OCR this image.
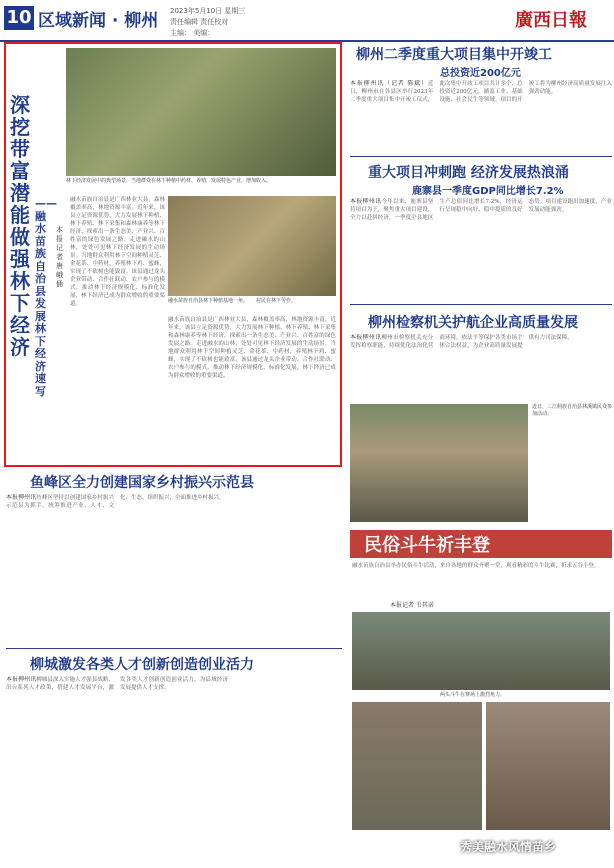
10 区域新闻 · 柳州 2023年5月10日 星期三
责任编辑 责任校对
主编： 美编：
廣西日報
林下经济发展中的典型场景，当地群众在林下种植中药材、养殖，发展特色产业，增加收入。
深挖带富潜能 做强林下经济
——融水苗族自治县发展林下经济速写
本报记者 唐峨俑
融水苗族自治县是广西林业大县，森林覆盖率高，林地资源丰富。近年来，该县立足资源优势，大力发展林下种植、林下养殖、林下采集和森林康养等林下经济，探索出一条生态美、产业兴、百姓富的绿色发展之路。走进融水的山林，处处可见林下经济发展的生动场景。当地群众利用林下空间种植灵芝、金花茶、中药材，养殖林下鸡、蜜蜂，实现了不砍树也能致富。该县通过龙头企业带动、合作社联动、农户参与的模式，推动林下经济规模化、标准化发展，林下经济已成为群众增收的重要渠道。	融水苗族自治县林下种植基地一角。 村民在林下劳作。
融水苗族自治县是广西林业大县，森林覆盖率高，林地资源丰富。近年来，该县立足资源优势，大力发展林下种植、林下养殖、林下采集和森林康养等林下经济，探索出一条生态美、产业兴、百姓富的绿色发展之路。走进融水的山林，处处可见林下经济发展的生动场景。当地群众利用林下空间种植灵芝、金花茶、中药材，养殖林下鸡、蜜蜂，实现了不砍树也能致富。该县通过龙头企业带动、合作社联动、农户参与的模式，推动林下经济规模化、标准化发展，林下经济已成为群众增收的重要渠道。
柳州二季度重大项目集中开竣工
总投资近200亿元
本报柳州讯（记者 陈斌）近日，柳州市在各县区举行2023年二季度重大项目集中开竣工仪式，此次集中开竣工项目共计多个，总投资近200亿元，涵盖工业、基础设施、社会民生等领域。项目的开竣工将为柳州经济高质量发展注入强劲动能。
重大项目冲刺跑 经济发展热浪涌
鹿寨县一季度GDP同比增长7.2%
本报柳州讯今年以来，鹿寨县坚持项目为王，聚焦重大项目建设，全力以赴拼经济，一季度全县地区生产总值同比增长7.2%，经济运行呈现稳中向好、稳中提质的良好态势。项目建设跑出加速度，产业发展动能强劲。
柳州检察机关护航企业高质量发展
本报柳州讯柳州市检察机关充分发挥检察职能，持续优化法治化营商环境，依法平等保护各类市场主体合法权益，为企业高质量发展提供有力司法保障。
近日，三江侗族自治县林溪镇民众参加活动。
鱼峰区全力创建国家乡村振兴示范县
本报柳州讯鱼峰区坚持以创建国家乡村振兴示范县为抓手，统筹推进产业、人才、文化、生态、组织振兴，全面推进乡村振兴。
柳城激发各类人才创新创造创业活力
本报柳州讯柳城县深入实施人才强县战略，出台系列人才政策，搭建人才发展平台，激发各类人才创新创造创业活力，为县域经济发展提供人才支撑。
民俗斗牛祈丰登
融水苗族自治县举办民俗斗牛活动，来自各地的群众齐聚一堂，观看精彩的斗牛比赛，祈求五谷丰登。
本报记者 韦其诺
两头斗牛在赛场上激烈角力。
秀美融水风情苗乡
